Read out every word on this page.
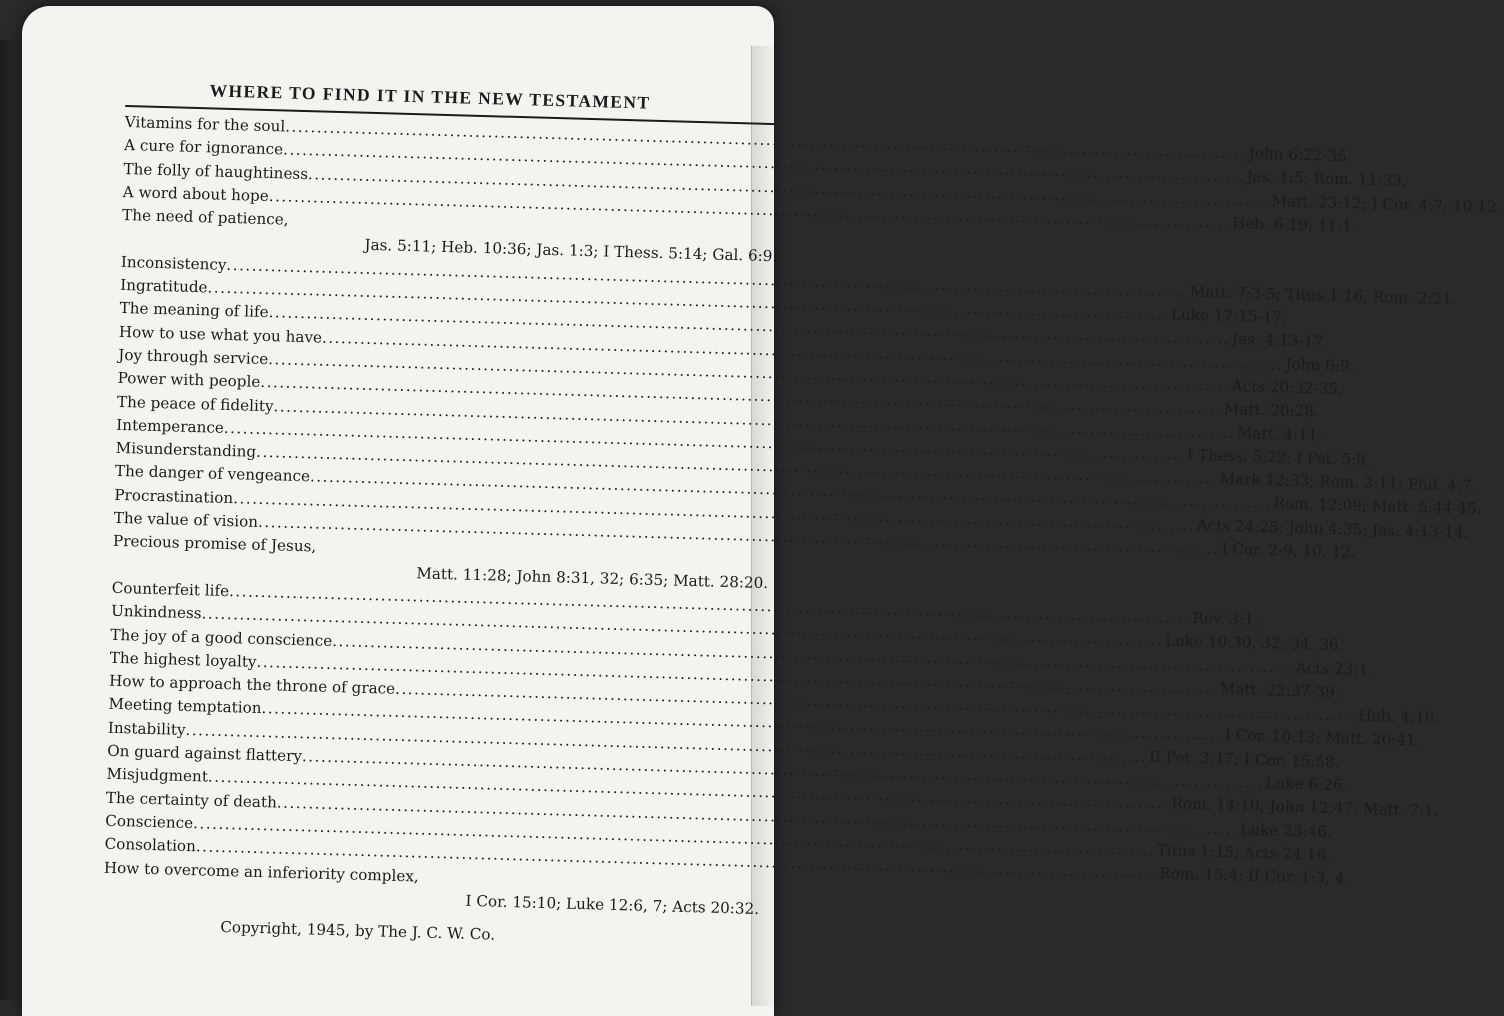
WHERE TO FIND IT IN THE NEW TESTAMENT
Vitamins for the soul
.....
John 6:22-35.
A cure for ignorance
.....
Jas. 1:5; Rom. 11:33.
The folly of haughtiness
.....
Matt. 23:12; I Cor. 4:7; 10:12.
A word about hope
.....
Heb. 6:19; 11:1.
The need of patience,
Jas. 5:11; Heb. 10:36; Jas. 1:3; I Thess. 5:14; Gal. 6:9.
Inconsistency
.....
Matt. 7:3-5; Titus 1:16; Rom. 2:21.
Ingratitude
.....
Luke 17:15-17.
The meaning of life
.....
Jas. 4:13-17.
How to use what you have
.....
John 6:9.
Joy through service
.....
Acts 20:32-35.
Power with people
.....
Matt. 20:28.
The peace of fidelity
.....
Matt. 4:11.
Intemperance
.....
I Thess. 5:22; I Pet. 5:8.
Misunderstanding
.....
Mark 12:33; Rom. 3:11; Phil. 4:7.
The danger of vengeance
.....
Rom. 12:09; Matt. 5:44-45.
Procrastination
.....
Acts 24:25; John 4:35; Jas. 4:13-14.
The value of vision
.....
I Cor. 2-9, 10, 12.
Precious promise of Jesus,
Matt. 11:28; John 8:31, 32; 6:35; Matt. 28:20.
Counterfeit life
.....
Rev. 3:1.
Unkindness
.....
Luke 10:30, 32, 34, 36.
The joy of a good conscience
.....
Acts 23:1.
The highest loyalty
.....
Matt. 22:37-39.
How to approach the throne of grace
.....
Heb. 4:16.
Meeting temptation
.....
I Cor. 10:13; Matt. 26:41.
Instability
.....
II Pet. 3:17; I Cor. 15:58.
On guard against flattery
.....
Luke 6:26.
Misjudgment
.....
Rom. 14:10; John 12:47; Matt. 7:1.
The certainty of death
.....
Luke 23:46.
Conscience
.....
Titus 1:15; Acts 24:16.
Consolation
.....
Rom. 15:4; II Cor. 1:3, 4.
How to overcome an inferiority complex,
I Cor. 15:10; Luke 12:6, 7; Acts 20:32.
Copyright, 1945, by The J. C. W. Co.
